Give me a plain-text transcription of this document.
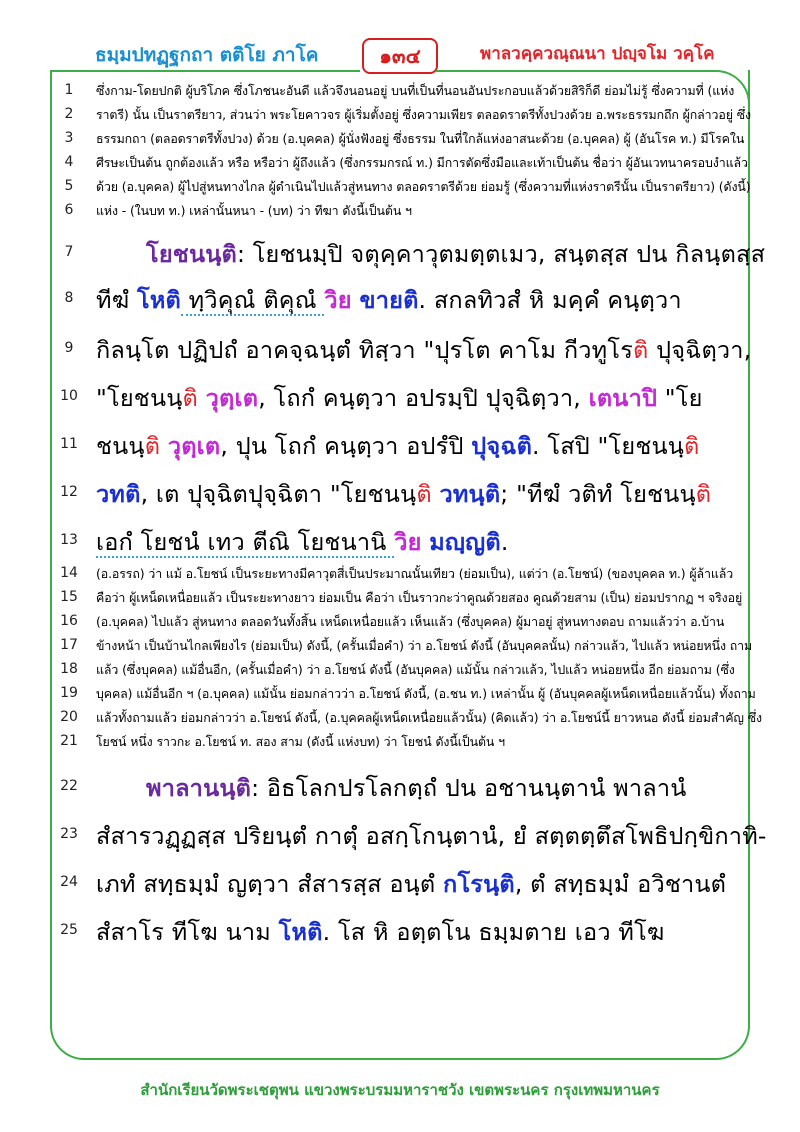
ธมฺมปทฏฺฐกถา ตติโย ภาโค	๑๓๔	พาลวคฺควณฺณนา ปญฺจโม วคฺโค
1	ซึ่งกาม-โดยปกติ ผู้บริโภค ซึ่งโภชนะอันดี แล้วจึงนอนอยู่ บนที่เป็นที่นอนอันประกอบแล้วด้วยสิริก็ดี ย่อมไม่รู้ ซึ่งความที่ (แห่ง
2	ราตรี) นั้น เป็นราตรียาว, ส่วนว่า พระโยคาวจร ผู้เริ่มตั้งอยู่ ซึ่งความเพียร ตลอดราตรีทั้งปวงด้วย อ.พระธรรมกถึก ผู้กล่าวอยู่ ซึ่ง
3	ธรรมกถา (ตลอดราตรีทั้งปวง) ด้วย (อ.บุคคล) ผู้นั่งฟังอยู่ ซึ่งธรรม ในที่ใกล้แห่งอาสนะด้วย (อ.บุคคล) ผู้ (อันโรค ท.) มีโรคใน
4	ศีรษะเป็นต้น ถูกต้องแล้ว หรือ หรือว่า ผู้ถึงแล้ว (ซึ่งกรรมกรณ์ ท.) มีการตัดซึ่งมือและเท้าเป็นต้น ชื่อว่า ผู้อันเวทนาครอบงำแล้ว
5	ด้วย (อ.บุคคล) ผู้ไปสู่หนทางไกล ผู้ดำเนินไปแล้วสู่หนทาง ตลอดราตรีด้วย ย่อมรู้ (ซึ่งความที่แห่งราตรีนั้น เป็นราตรียาว) (ดังนี้)
6	แห่ง - (ในบท ท.) เหล่านั้นหนา - (บท) ว่า ทีฆา ดังนี้เป็นต้น ฯ
7	โยชนนฺติ: โยชนมฺปิ จตุคฺคาวุตมตฺตเมว, สนฺตสฺส ปน กิลนฺตสฺส
8 ทีฆํ โหติ ทฺวิคุณํ ติคุณํ วิย ขายติ. สกลทิวสํ หิ มคฺคํ คนฺตฺวา
9 กิลนฺโต ปฏิปถํ อาคจฺฉนฺตํ ทิสฺวา "ปุรโต คาโม กีวทูโรติ ปุจฺฉิตฺวา,
10 "โยชนนฺติ วุตฺเต, โถกํ คนฺตฺวา อปรมฺปิ ปุจฺฉิตฺวา, เตนาปิ "โย
11 ชนนฺติ วุตฺเต, ปุน โถกํ คนฺตฺวา อปรํปิ ปุจฺฉติ. โสปิ "โยชนนฺติ
12 วทติ, เต ปุจฺฉิตปุจฺฉิตา "โยชนนฺติ วทนฺติ; "ทีฆํ วติทํ โยชนนฺติ
13 เอกํ โยชนํ เทว ตีณิ โยชนานิ วิย มญฺญติ.
14	(อ.อรรถ) ว่า แม้ อ.โยชน์ เป็นระยะทางมีคาวุตสี่เป็นประมาณนั้นเทียว (ย่อมเป็น), แต่ว่า (อ.โยชน์) (ของบุคคล ท.) ผู้ล้าแล้ว
15	คือว่า ผู้เหน็ดเหนื่อยแล้ว เป็นระยะทางยาว ย่อมเป็น คือว่า เป็นราวกะว่าคูณด้วยสอง คูณด้วยสาม (เป็น) ย่อมปรากฏ ฯ จริงอยู่
16	(อ.บุคคล) ไปแล้ว สู่หนทาง ตลอดวันทั้งสิ้น เหน็ดเหนื่อยแล้ว เห็นแล้ว (ซึ่งบุคคล) ผู้มาอยู่ สู่หนทางตอบ ถามแล้วว่า อ.บ้าน
17	ข้างหน้า เป็นบ้านไกลเพียงไร (ย่อมเป็น) ดังนี้, (ครั้นเมื่อคำ) ว่า อ.โยชน์ ดังนี้ (อันบุคคลนั้น) กล่าวแล้ว, ไปแล้ว หน่อยหนึ่ง ถาม
18	แล้ว (ซึ่งบุคคล) แม้อื่นอีก, (ครั้นเมื่อคำ) ว่า อ.โยชน์ ดังนี้ (อันบุคคล) แม้นั้น กล่าวแล้ว, ไปแล้ว หน่อยหนึ่ง อีก ย่อมถาม (ซึ่ง
19	บุคคล) แม้อื่นอีก ฯ (อ.บุคคล) แม้นั้น ย่อมกล่าวว่า อ.โยชน์ ดังนี้, (อ.ชน ท.) เหล่านั้น ผู้ (อันบุคคลผู้เหน็ดเหนื่อยแล้วนั้น) ทั้งถาม
20	แล้วทั้งถามแล้ว ย่อมกล่าวว่า อ.โยชน์ ดังนี้, (อ.บุคคลผู้เหน็ดเหนื่อยแล้วนั้น) (คิดแล้ว) ว่า อ.โยชน์นี้ ยาวหนอ ดังนี้ ย่อมสำคัญ ซึ่ง
21	โยชน์ หนึ่ง ราวกะ อ.โยชน์ ท. สอง สาม (ดังนี้ แห่งบท) ว่า โยชนํ ดังนี้เป็นต้น ฯ
22	พาลานนฺติ: อิธโลกปรโลกตฺถํ ปน อชานนฺตานํ พาลานํ
23 สํสารวฏฺฏสฺส ปริยนฺตํ กาตุํ อสกฺโกนฺตานํ, ยํ สตฺตตฺตึสโพธิปกฺขิกาทิ-
24 เภทํ สทฺธมฺมํ ญตฺวา สํสารสฺส อนฺตํ กโรนฺติ, ตํ สทฺธมฺมํ อวิชานตํ
25 สํสาโร ทีโฆ นาม โหติ. โส หิ อตฺตโน ธมฺมตาย เอว ทีโฆ
สำนักเรียนวัดพระเชตุพน แขวงพระบรมมหาราชวัง เขตพระนคร กรุงเทพมหานคร
